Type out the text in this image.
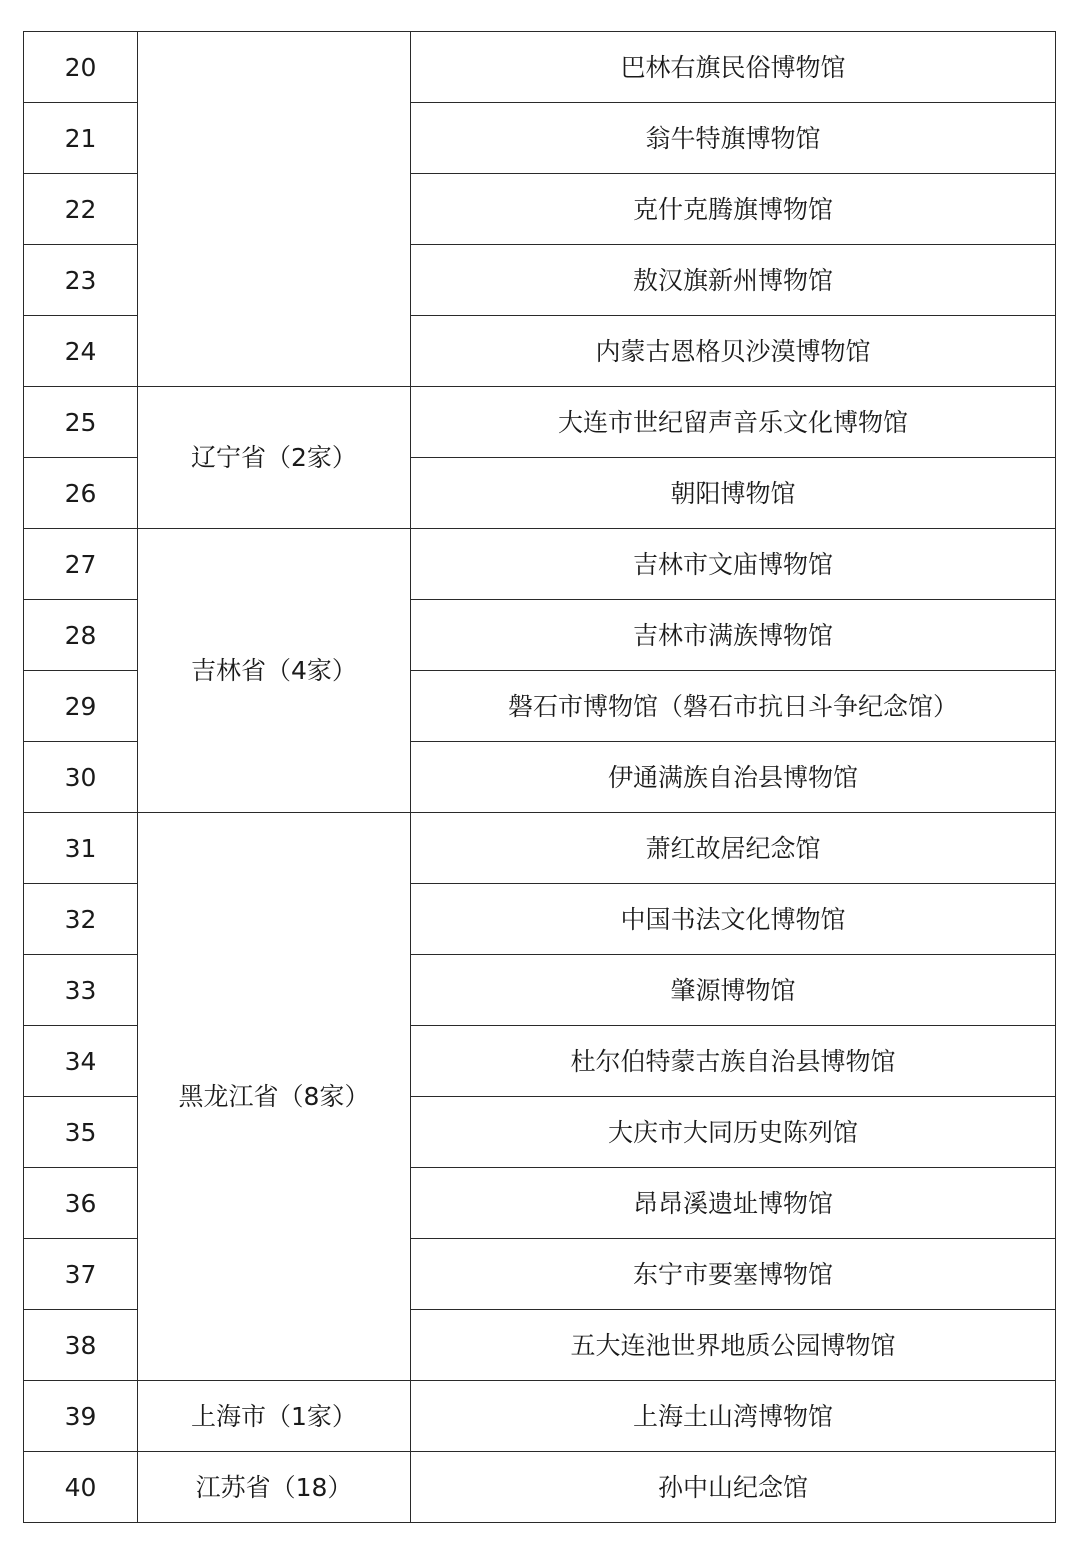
20		巴林右旗民俗博物馆
21		翁牛特旗博物馆
22		克什克腾旗博物馆
23		敖汉旗新州博物馆
24		内蒙古恩格贝沙漠博物馆
25	辽宁省（2家）	大连市世纪留声音乐文化博物馆
26		朝阳博物馆
27	吉林省（4家）	吉林市文庙博物馆
28		吉林市满族博物馆
29		磐石市博物馆（磐石市抗日斗争纪念馆）
30		伊通满族自治县博物馆
31	黑龙江省（8家）	萧红故居纪念馆
32		中国书法文化博物馆
33		肇源博物馆
34		杜尔伯特蒙古族自治县博物馆
35		大庆市大同历史陈列馆
36		昂昂溪遗址博物馆
37		东宁市要塞博物馆
38		五大连池世界地质公园博物馆
39	上海市（1家）	上海土山湾博物馆
40	江苏省（18）	孙中山纪念馆
